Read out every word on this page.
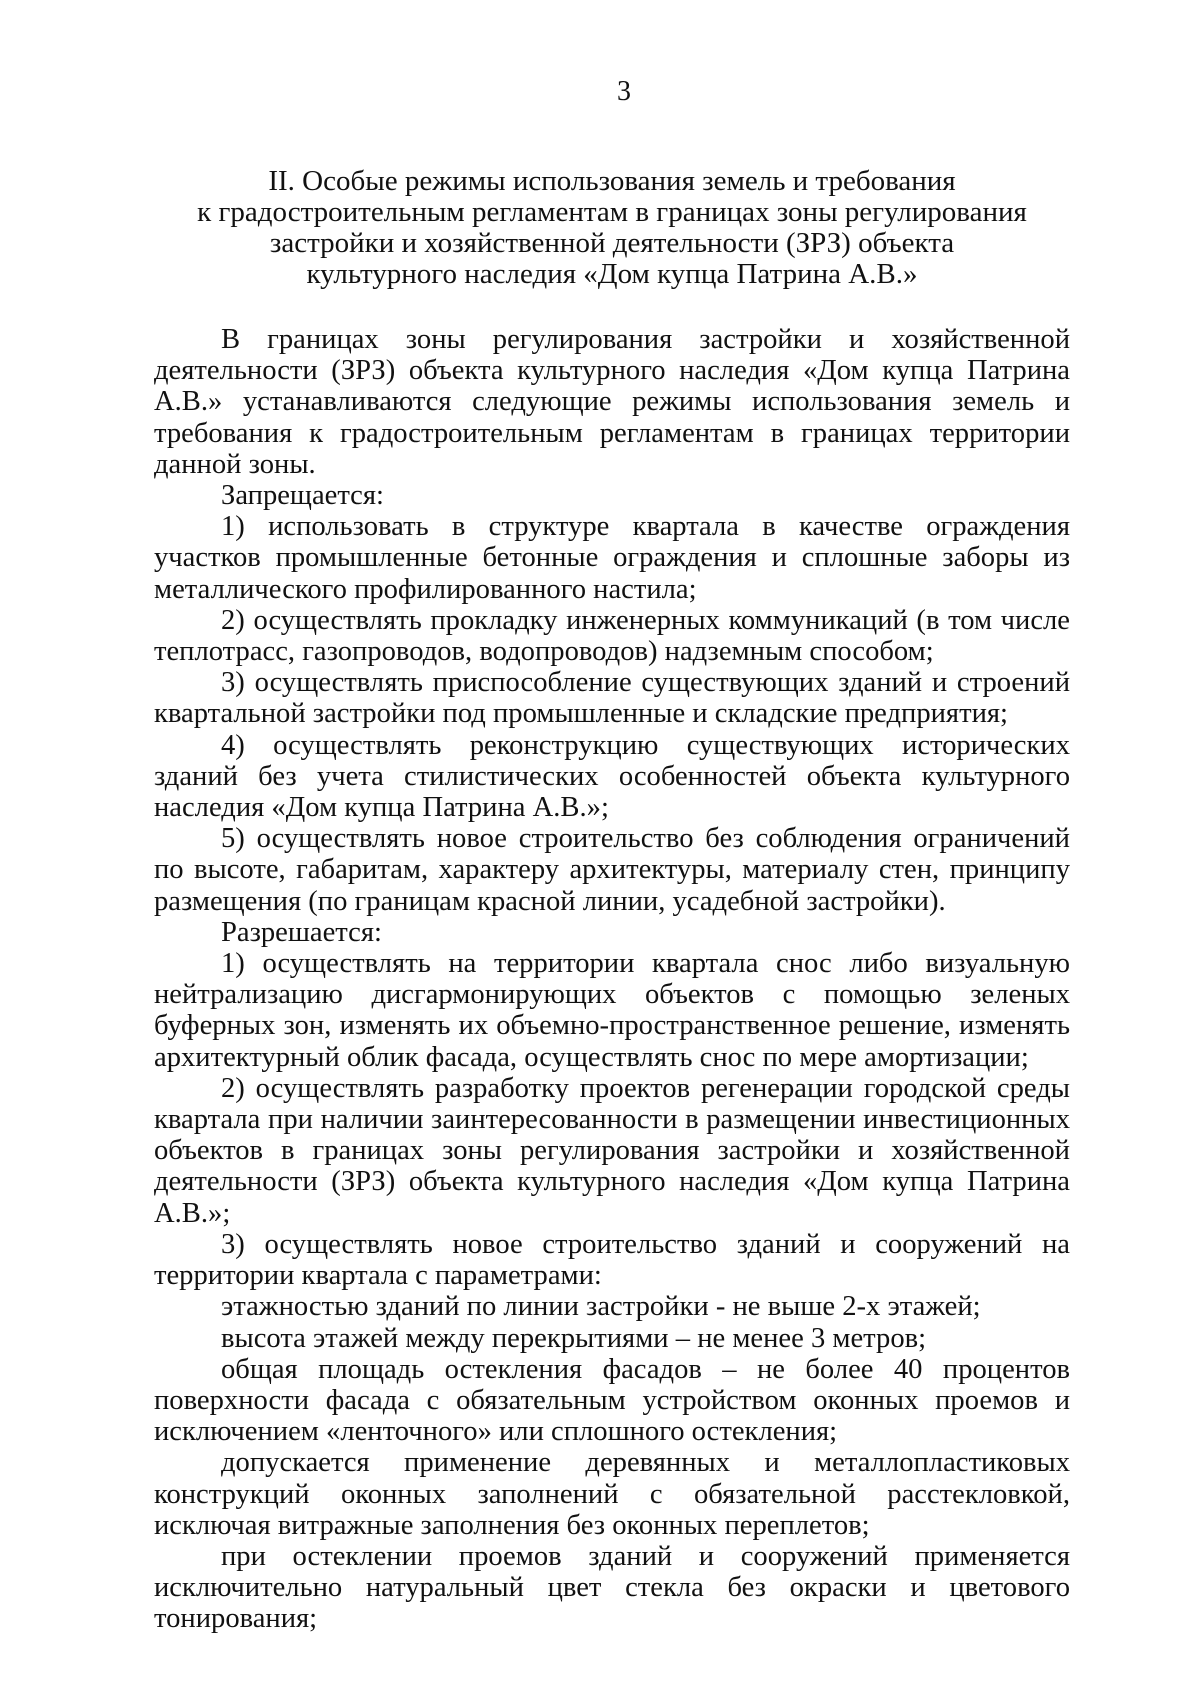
3
II. Особые режимы использования земель и требования
к градостроительным регламентам в границах зоны регулирования
застройки и хозяйственной деятельности (ЗРЗ) объекта
культурного наследия «Дом купца Патрина А.В.»

В границах зоны регулирования застройки и хозяйственной деятельности (ЗРЗ) объекта культурного наследия «Дом купца Патрина А.В.» устанавливаются следующие режимы использования земель и требования к градостроительным регламентам в границах территории данной зоны.

Запрещается:

1) использовать в структуре квартала в качестве ограждения участков промышленные бетонные ограждения и сплошные заборы из металлического профилированного настила;

2) осуществлять прокладку инженерных коммуникаций (в том числе теплотрасс, газопроводов, водопроводов) надземным способом;

3) осуществлять приспособление существующих зданий и строений квартальной застройки под промышленные и складские предприятия;

4) осуществлять реконструкцию существующих исторических зданий без учета стилистических особенностей объекта культурного наследия «Дом купца Патрина А.В.»;

5) осуществлять новое строительство без соблюдения ограничений по высоте, габаритам, характеру архитектуры, материалу стен, принципу размещения (по границам красной линии, усадебной застройки).

Разрешается:

1) осуществлять на территории квартала снос либо визуальную нейтрализацию дисгармонирующих объектов с помощью зеленых буферных зон, изменять их объемно-пространственное решение, изменять архитектурный облик фасада, осуществлять снос по мере амортизации;

2) осуществлять разработку проектов регенерации городской среды квартала при наличии заинтересованности в размещении инвестиционных объектов в границах зоны регулирования застройки и хозяйственной деятельности (ЗРЗ) объекта культурного наследия «Дом купца Патрина А.В.»;

3) осуществлять новое строительство зданий и сооружений на территории квартала с параметрами:

этажностью зданий по линии застройки - не выше 2-х этажей;

высота этажей между перекрытиями – не менее 3 метров;

общая площадь остекления фасадов – не более 40 процентов поверхности фасада с обязательным устройством оконных проемов и исключением «ленточного» или сплошного остекления;

допускается применение деревянных и металлопластиковых конструкций оконных заполнений с обязательной расстекловкой, исключая витражные заполнения без оконных переплетов;

при остеклении проемов зданий и сооружений применяется исключительно натуральный цвет стекла без окраски и цветового тонирования;
